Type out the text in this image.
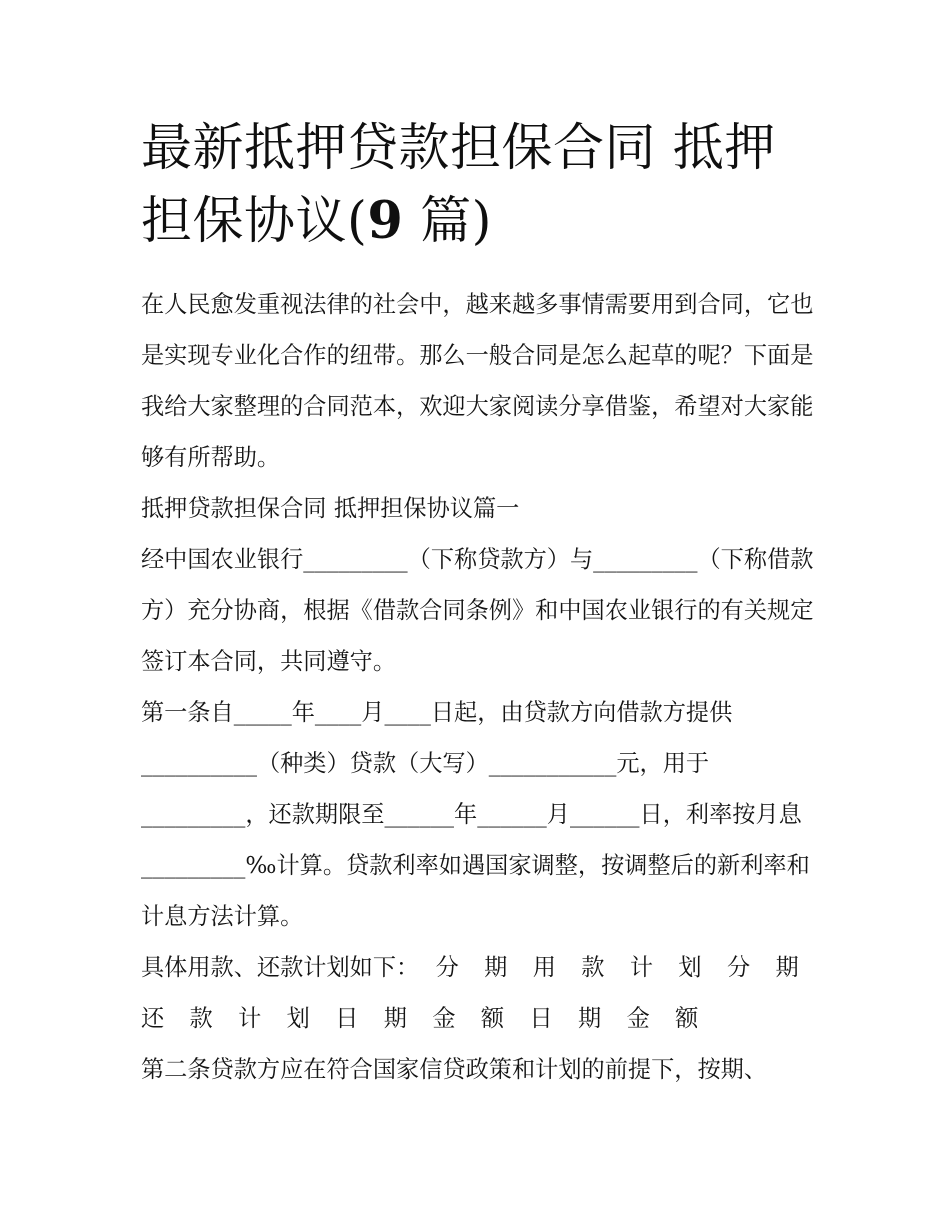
最新抵押贷款担保合同 抵押担保协议(9 篇)

在人民愈发重视法律的社会中，越来越多事情需要用到合同，它也是实现专业化合作的纽带。那么一般合同是怎么起草的呢？下面是我给大家整理的合同范本，欢迎大家阅读分享借鉴，希望对大家能够有所帮助。

抵押贷款担保合同 抵押担保协议篇一

经中国农业银行_________（下称贷款方）与_________（下称借款方）充分协商，根据《借款合同条例》和中国农业银行的有关规定签订本合同，共同遵守。

第一条自_____年____月____日起，由贷款方向借款方提供__________（种类）贷款（大写）___________元，用于_________，还款期限至______年______月______日，利率按月息_________‰计算。贷款利率如遇国家调整，按调整后的新利率和计息方法计算。

具体用款、还款计划如下： 分 期 用 款 计 划 分 期 还 款 计 划 日 期 金 额 日 期 金 额

第二条贷款方应在符合国家信贷政策和计划的前提下，按期、
